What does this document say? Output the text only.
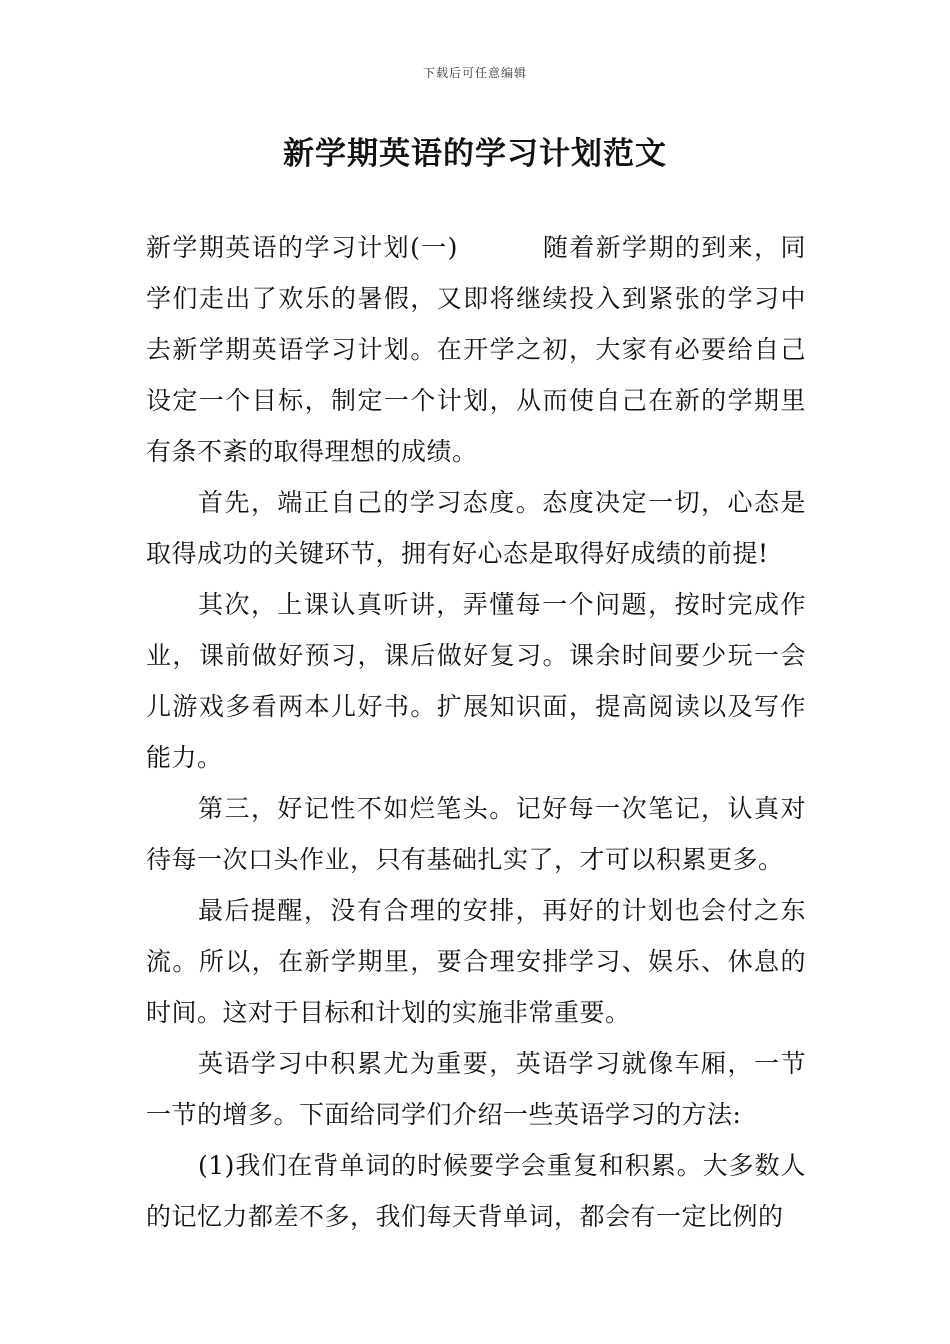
下载后可任意编辑
新学期英语的学习计划范文

新学期英语的学习计划(一)	随着新学期的到来，同学们走出了欢乐的暑假，又即将继续投入到紧张的学习中去新学期英语学习计划。在开学之初，大家有必要给自己设定一个目标，制定一个计划，从而使自己在新的学期里有条不紊的取得理想的成绩。

首先，端正自己的学习态度。态度决定一切，心态是取得成功的关键环节，拥有好心态是取得好成绩的前提!

其次，上课认真听讲，弄懂每一个问题，按时完成作业，课前做好预习，课后做好复习。课余时间要少玩一会儿游戏多看两本儿好书。扩展知识面，提高阅读以及写作能力。

第三，好记性不如烂笔头。记好每一次笔记，认真对待每一次口头作业，只有基础扎实了，才可以积累更多。

最后提醒，没有合理的安排，再好的计划也会付之东流。所以，在新学期里，要合理安排学习、娱乐、休息的时间。这对于目标和计划的实施非常重要。

英语学习中积累尤为重要，英语学习就像车厢，一节一节的增多。下面给同学们介绍一些英语学习的方法:

(1)我们在背单词的时候要学会重复和积累。大多数人的记忆力都差不多，我们每天背单词，都会有一定比例的
